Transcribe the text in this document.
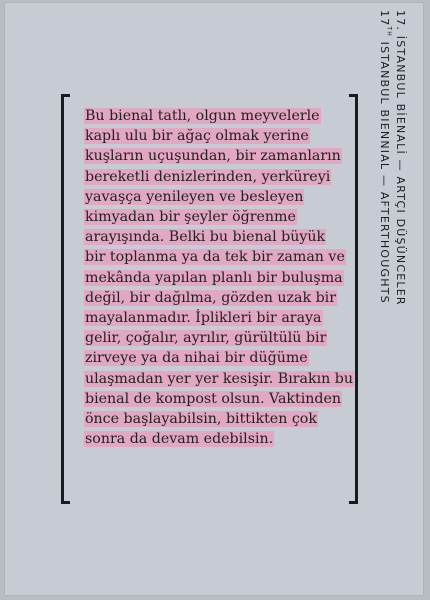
17. İSTANBUL BİENALİ — ARTÇI DÜŞÜNCELER
17TH ISTANBUL BIENNIAL — AFTERTHOUGHTS
Bu bienal tatlı, olgun meyvelerle
kaplı ulu bir ağaç olmak yerine
kuşların uçuşundan, bir zamanların
bereketli denizlerinden, yerküreyi
yavaşça yenileyen ve besleyen
kimyadan bir şeyler öğrenme
arayışında. Belki bu bienal büyük
bir toplanma ya da tek bir zaman ve
mekânda yapılan planlı bir buluşma
değil, bir dağılma, gözden uzak bir
mayalanmadır. İplikleri bir araya
gelir, çoğalır, ayrılır, gürültülü bir
zirveye ya da nihai bir düğüme
ulaşmadan yer yer kesişir. Bırakın bu
bienal de kompost olsun. Vaktinden
önce başlayabilsin, bittikten çok
sonra da devam edebilsin.
